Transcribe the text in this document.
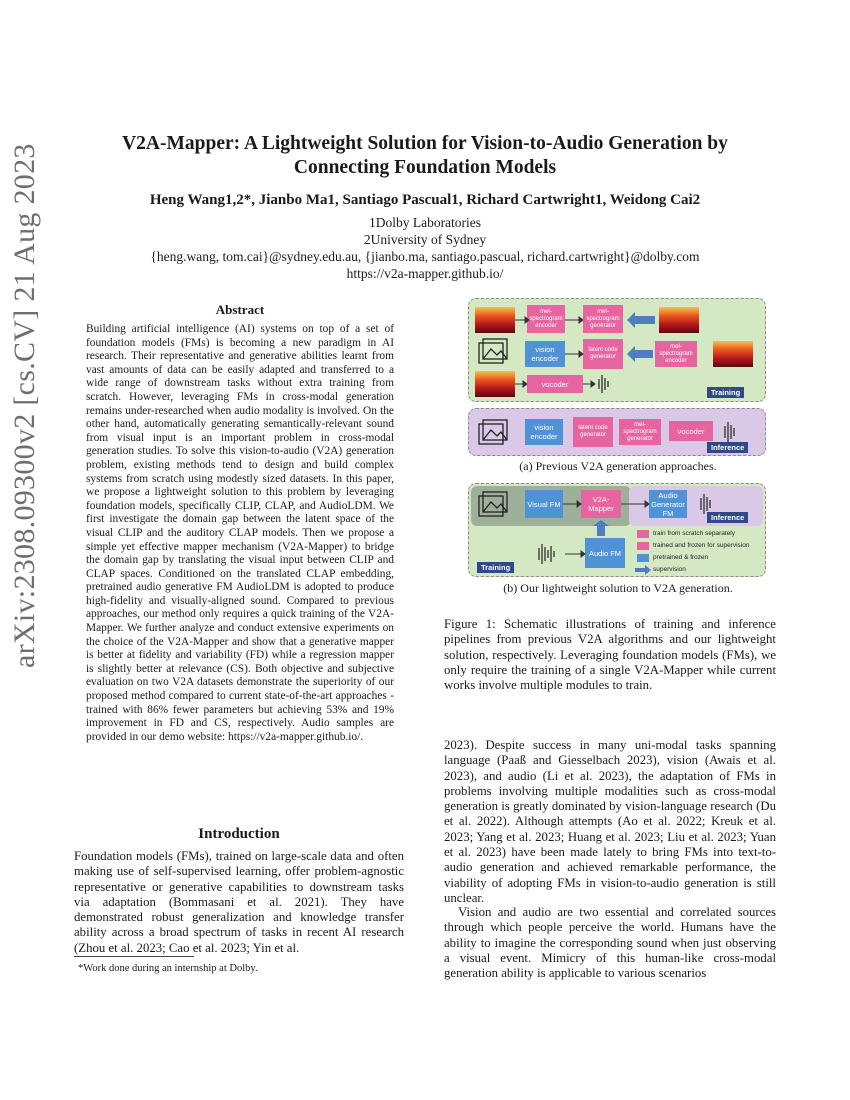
arXiv:2308.09300v2 [cs.CV] 21 Aug 2023	V2A-Mapper: A Lightweight Solution for Vision-to-Audio Generation by
Connecting Foundation Models
Heng Wang1,2*, Jianbo Ma1, Santiago Pascual1, Richard Cartwright1, Weidong Cai2
1Dolby Laboratories
2University of Sydney
{heng.wang, tom.cai}@sydney.edu.au, {jianbo.ma, santiago.pascual, richard.cartwright}@dolby.com
https://v2a-mapper.github.io/
Abstract
Building artificial intelligence (AI) systems on top of a set of foundation models (FMs) is becoming a new paradigm in AI research. Their representative and generative abilities learnt from vast amounts of data can be easily adapted and transferred to a wide range of downstream tasks without extra training from scratch. However, leveraging FMs in cross-modal generation remains under-researched when audio modality is involved. On the other hand, automatically generating semantically-relevant sound from visual input is an important problem in cross-modal generation studies. To solve this vision-to-audio (V2A) generation problem, existing methods tend to design and build complex systems from scratch using modestly sized datasets. In this paper, we propose a lightweight solution to this problem by leveraging foundation models, specifically CLIP, CLAP, and AudioLDM. We first investigate the domain gap between the latent space of the visual CLIP and the auditory CLAP models. Then we propose a simple yet effective mapper mechanism (V2A-Mapper) to bridge the domain gap by translating the visual input between CLIP and CLAP spaces. Conditioned on the translated CLAP embedding, pretrained audio generative FM AudioLDM is adopted to produce high-fidelity and visually-aligned sound. Compared to previous approaches, our method only requires a quick training of the V2A-Mapper. We further analyze and conduct extensive experiments on the choice of the V2A-Mapper and show that a generative mapper is better at fidelity and variability (FD) while a regression mapper is slightly better at relevance (CS). Both objective and subjective evaluation on two V2A datasets demonstrate the superiority of our proposed method compared to current state-of-the-art approaches - trained with 86% fewer parameters but achieving 53% and 19% improvement in FD and CS, respectively. Audio samples are provided in our demo website: https://v2a-mapper.github.io/.
Introduction
Foundation models (FMs), trained on large-scale data and often making use of self-supervised learning, offer problem-agnostic representative or generative capabilities to downstream tasks via adaptation (Bommasani et al. 2021). They have demonstrated robust generalization and knowledge transfer ability across a broad spectrum of tasks in recent AI research (Zhou et al. 2023; Cao et al. 2023; Yin et al.
*Work done during an internship at Dolby.
mel-spectrogram encoder
mel-spectrogram generator
vision encoder
latent code generator
mel-spectrogram encoder
vocoder
Training
vision encoder
latent code generator
mel-spectrogram generator
vocoder
Inference
(a) Previous V2A generation approaches.
Visual FM	V2A-Mapper
Audio Generator FM
Audio FM
Inference
Training
train from scratch separately
trained and frozen for supervision
pretrained & frozen
supervision
(b) Our lightweight solution to V2A generation.
Figure 1: Schematic illustrations of training and inference pipelines from previous V2A algorithms and our lightweight solution, respectively. Leveraging foundation models (FMs), we only require the training of a single V2A-Mapper while current works involve multiple modules to train.
2023). Despite success in many uni-modal tasks spanning language (Paaß and Giesselbach 2023), vision (Awais et al. 2023), and audio (Li et al. 2023), the adaptation of FMs in problems involving multiple modalities such as cross-modal generation is greatly dominated by vision-language research (Du et al. 2022). Although attempts (Ao et al. 2022; Kreuk et al. 2023; Yang et al. 2023; Huang et al. 2023; Liu et al. 2023; Yuan et al. 2023) have been made lately to bring FMs into text-to-audio generation and achieved remarkable performance, the viability of adopting FMs in vision-to-audio generation is still unclear.

Vision and audio are two essential and correlated sources through which people perceive the world. Humans have the ability to imagine the corresponding sound when just observing a visual event. Mimicry of this human-like cross-modal generation ability is applicable to various scenarios
